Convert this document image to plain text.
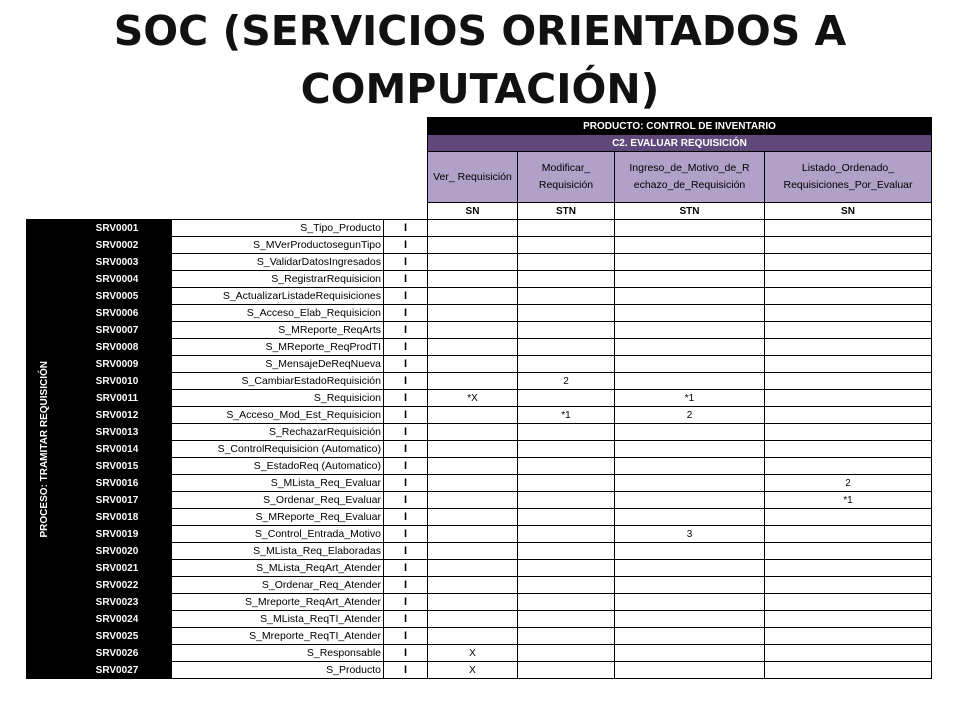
SOC (SERVICIOS ORIENTADOS A
COMPUTACIÓN)
				PRODUCTO: CONTROL DE INVENTARIO			
				C2. EVALUAR REQUISICIÓN			
				Ver_ Requisición	Modificar_ Requisición	Ingreso_de_Motivo_de_R echazo_de_Requisición	Listado_Ordenado_ Requisiciones_Por_Evaluar
				SN	STN	STN	SN

PROCESO: TRAMITAR REQUISICIÓN	SRV0001	S_Tipo_Producto	I				
	SRV0002	S_MVerProductosegunTipo	I				
	SRV0003	S_ValidarDatosIngresados	I				
	SRV0004	S_RegistrarRequisicion	I				
	SRV0005	S_ActualizarListadeRequisiciones	I				
	SRV0006	S_Acceso_Elab_Requisicion	I				
	SRV0007	S_MReporte_ReqArts	I				
	SRV0008	S_MReporte_ReqProdTI	I				
	SRV0009	S_MensajeDeReqNueva	I				
	SRV0010	S_CambiarEstadoRequisición	I		2		
	SRV0011	S_Requisicion	I	*X		*1	
	SRV0012	S_Acceso_Mod_Est_Requisicion	I		*1	2	
	SRV0013	S_RechazarRequisición	I				
	SRV0014	S_ControlRequisicion (Automatico)	I				
	SRV0015	S_EstadoReq (Automatico)	I				
	SRV0016	S_MLista_Req_Evaluar	I				2
	SRV0017	S_Ordenar_Req_Evaluar	I				*1
	SRV0018	S_MReporte_Req_Evaluar	I				
	SRV0019	S_Control_Entrada_Motivo	I			3	
	SRV0020	S_MLista_Req_Elaboradas	I				
	SRV0021	S_MLista_ReqArt_Atender	I				
	SRV0022	S_Ordenar_Req_Atender	I				
	SRV0023	S_Mreporte_ReqArt_Atender	I				
	SRV0024	S_MLista_ReqTI_Atender	I				
	SRV0025	S_Mreporte_ReqTI_Atender	I				
	SRV0026	S_Responsable	I	X			
	SRV0027	S_Producto	I	X			
